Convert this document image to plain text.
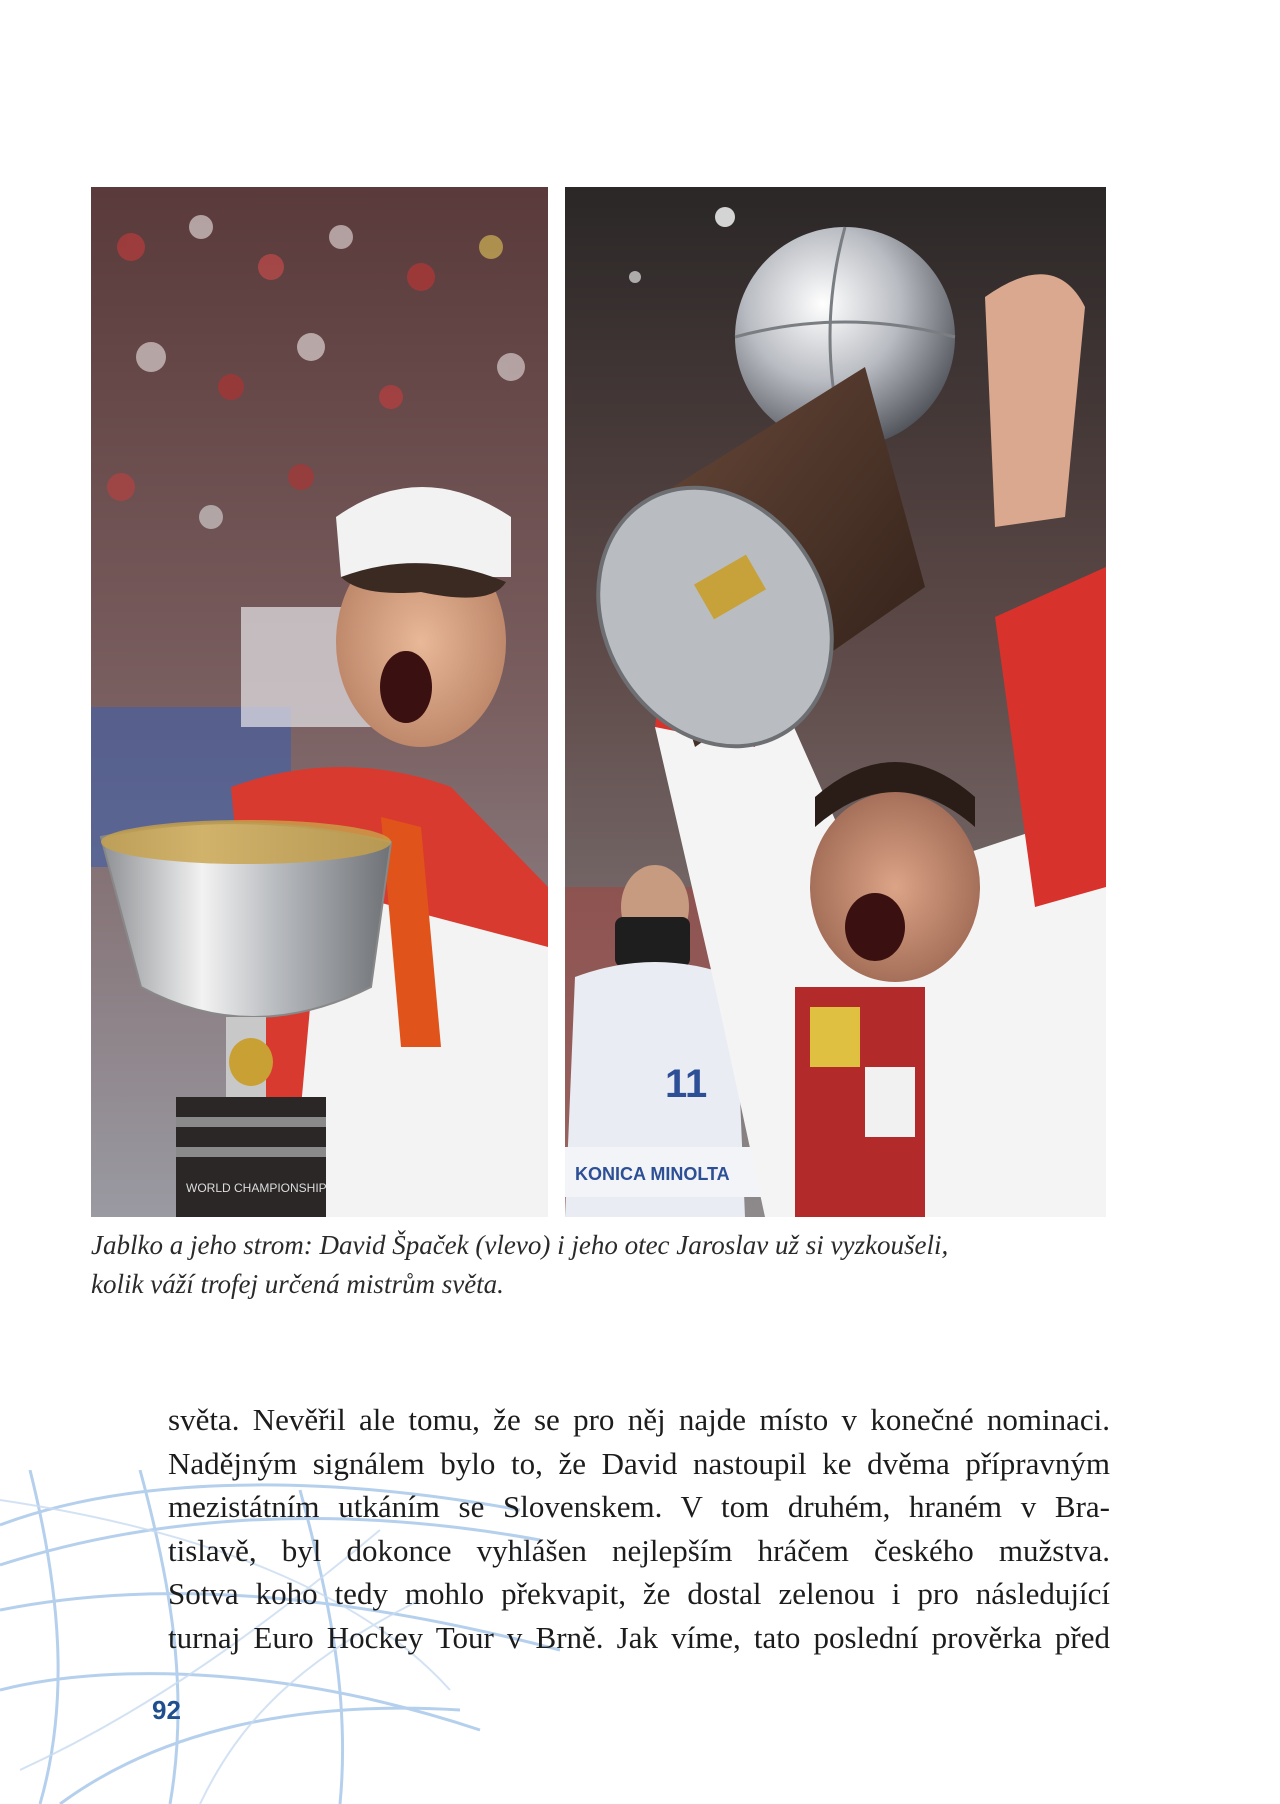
WORLD CHAMPIONSHIP
KONICA MINOLTA
11
Jablko a jeho strom: David Špaček (vlevo) i jeho otec Jaroslav už si vyzkoušeli,
kolik váží trofej určená mistrům světa.
světa. Nevěřil ale tomu, že se pro něj najde místo v konečné nominaci.
Nadějným signálem bylo to, že David nastoupil ke dvěma přípravným
mezistátním utkáním se Slovenskem. V tom druhém, hraném v Bra-
tislavě, byl dokonce vyhlášen nejlepším hráčem českého mužstva.
Sotva koho tedy mohlo překvapit, že dostal zelenou i pro následující
turnaj Euro Hockey Tour v Brně. Jak víme, tato poslední prověrka před
92
